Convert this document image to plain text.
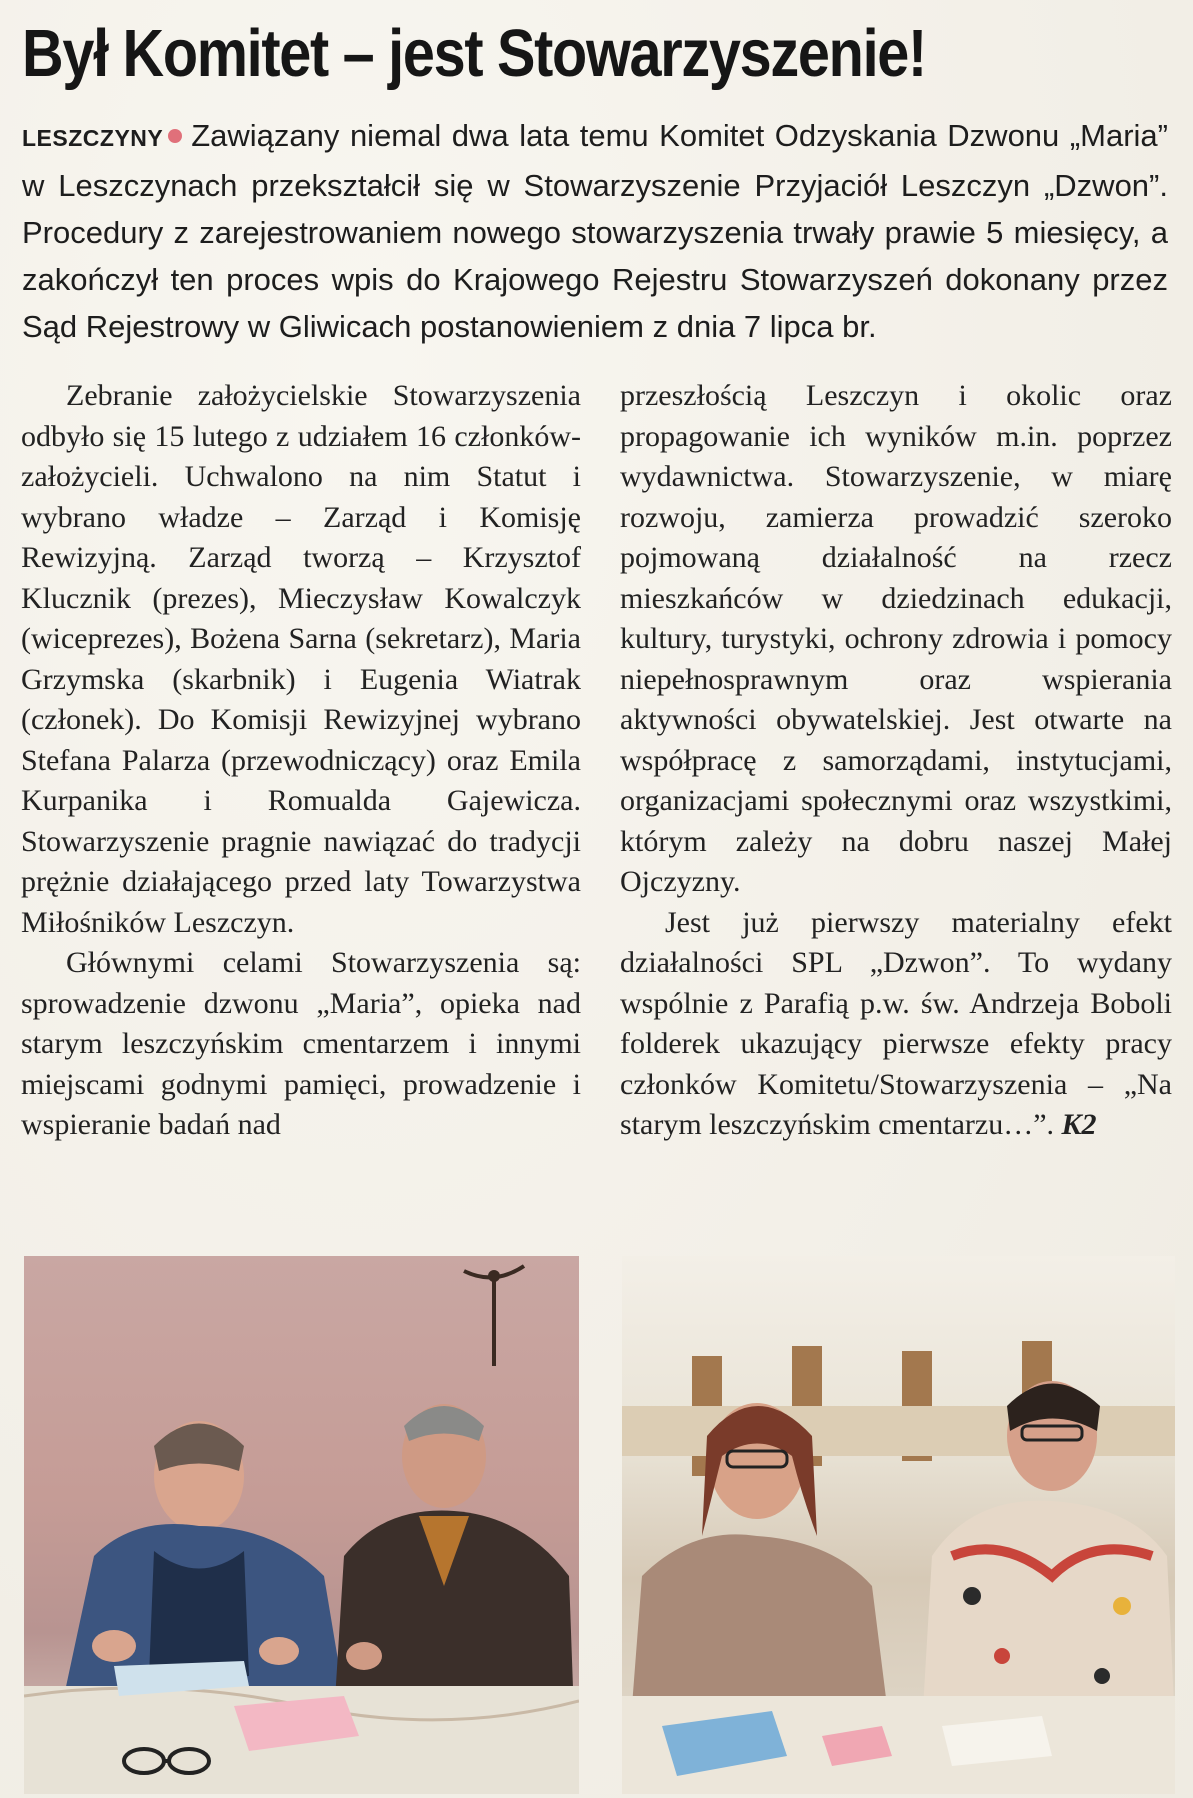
Był Komitet – jest Stowarzyszenie!
LESZCZYNY Zawiązany niemal dwa lata temu Komitet Odzyskania Dzwonu „Maria” w Leszczynach przekształcił się w Stowarzyszenie Przyjaciół Leszczyn „Dzwon”. Procedury z zarejestrowaniem nowego stowarzyszenia trwały prawie 5 miesięcy, a zakończył ten proces wpis do Krajowego Rejestru Stowarzyszeń dokonany przez Sąd Rejestrowy w Gliwicach postanowieniem z dnia 7 lipca br.

Zebranie założycielskie Stowarzyszenia odbyło się 15 lutego z udziałem 16 członków-założycieli. Uchwalono na nim Statut i wybrano władze – Zarząd i Komisję Rewizyjną. Zarząd tworzą – Krzysztof Klucznik (prezes), Mieczysław Kowalczyk (wiceprezes), Bożena Sarna (sekretarz), Maria Grzymska (skarbnik) i Eugenia Wiatrak (członek). Do Komisji Rewizyjnej wybrano Stefana Palarza (przewodniczący) oraz Emila Kurpanika i Romualda Gajewicza. Stowarzyszenie pragnie nawiązać do tradycji prężnie działającego przed laty Towarzystwa Miłośników Leszczyn.

Głównymi celami Stowarzyszenia są: sprowadzenie dzwonu „Maria”, opieka nad starym leszczyńskim cmentarzem i innymi miejscami godnymi pamięci, prowadzenie i wspieranie badań nad

przeszłością Leszczyn i okolic oraz propagowanie ich wyników m.in. poprzez wydawnictwa. Stowarzyszenie, w miarę rozwoju, zamierza prowadzić szeroko pojmowaną działalność na rzecz mieszkańców w dziedzinach edukacji, kultury, turystyki, ochrony zdrowia i pomocy niepełnosprawnym oraz wspierania aktywności obywatelskiej. Jest otwarte na współpracę z samorządami, instytucjami, organizacjami społecznymi oraz wszystkimi, którym zależy na dobru naszej Małej Ojczyzny.

Jest już pierwszy materialny efekt działalności SPL „Dzwon”. To wydany wspólnie z Parafią p.w. św. Andrzeja Boboli folderek ukazujący pierwsze efekty pracy członków Komitetu/Stowarzyszenia – „Na starym leszczyńskim cmentarzu…”. K2
